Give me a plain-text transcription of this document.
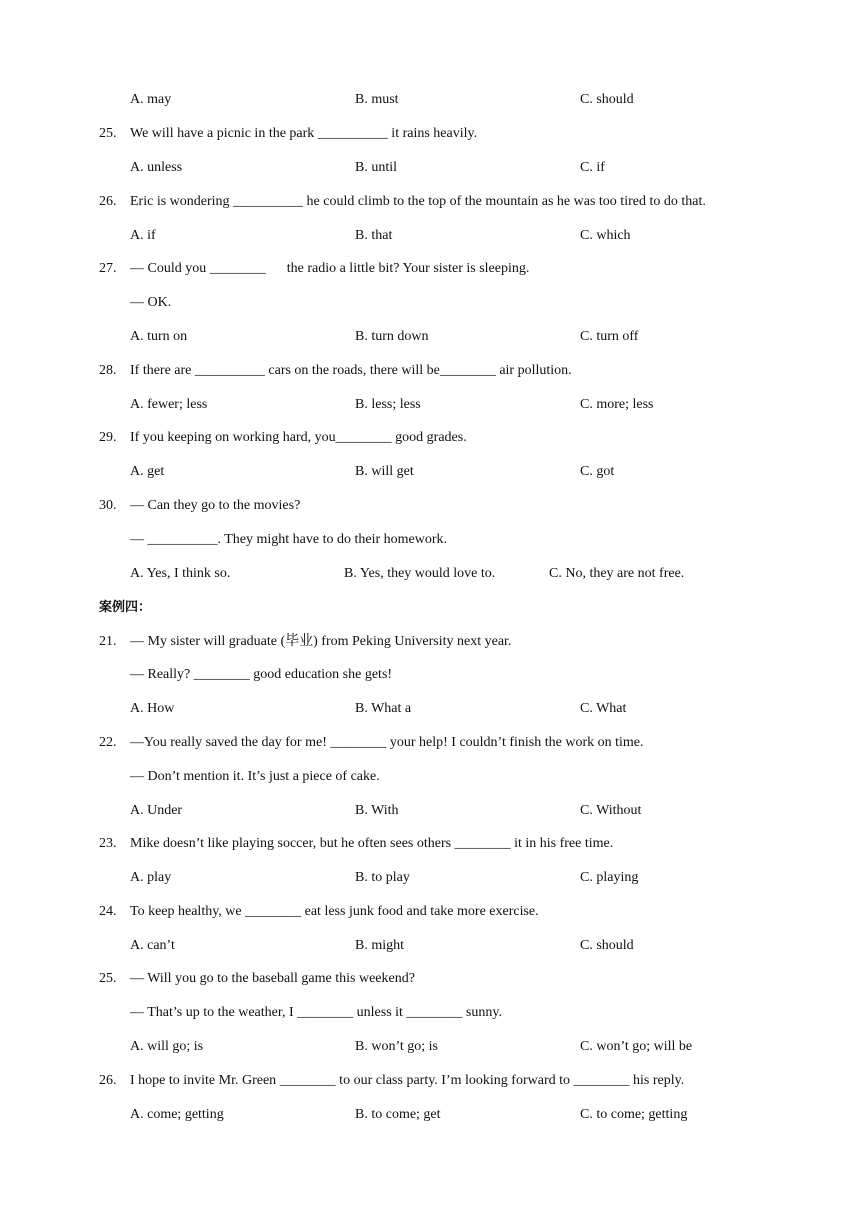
A. may	B. must	C. should
25. We will have a picnic in the park __________ it rains heavily.
A. unless	B. until	C. if
26. Eric is wondering __________ he could climb to the top of the mountain as he was too tired to do that.
A. if	B. that	C. which
27. — Could you ________      the radio a little bit? Your sister is sleeping.
— OK.
A. turn on	B. turn down	C. turn off
28. If there are __________ cars on the roads, there will be________ air pollution.
A. fewer; less	B. less; less	C. more; less
29. If you keeping on working hard, you________ good grades.
A. get	B. will get	C. got
30. — Can they go to the movies?
— __________. They might have to do their homework.
A. Yes, I think so.	B. Yes, they would love to.	C. No, they are not free.
案例四：
21. — My sister will graduate (毕业) from Peking University next year.
— Really? ________ good education she gets!
A. How	B. What a	C. What
22. —You really saved the day for me! ________ your help! I couldn’t finish the work on time.
— Don’t mention it. It’s just a piece of cake.
A. Under	B. With	C. Without
23. Mike doesn’t like playing soccer, but he often sees others ________ it in his free time.
A. play	B. to play	C. playing
24. To keep healthy, we ________ eat less junk food and take more exercise.
A. can’t	B. might	C. should
25. — Will you go to the baseball game this weekend?
— That’s up to the weather, I ________ unless it ________ sunny.
A. will go; is	B. won’t go; is	C. won’t go; will be
26. I hope to invite Mr. Green ________ to our class party. I’m looking forward to ________ his reply.
A. come; getting	B. to come; get	C. to come; getting
